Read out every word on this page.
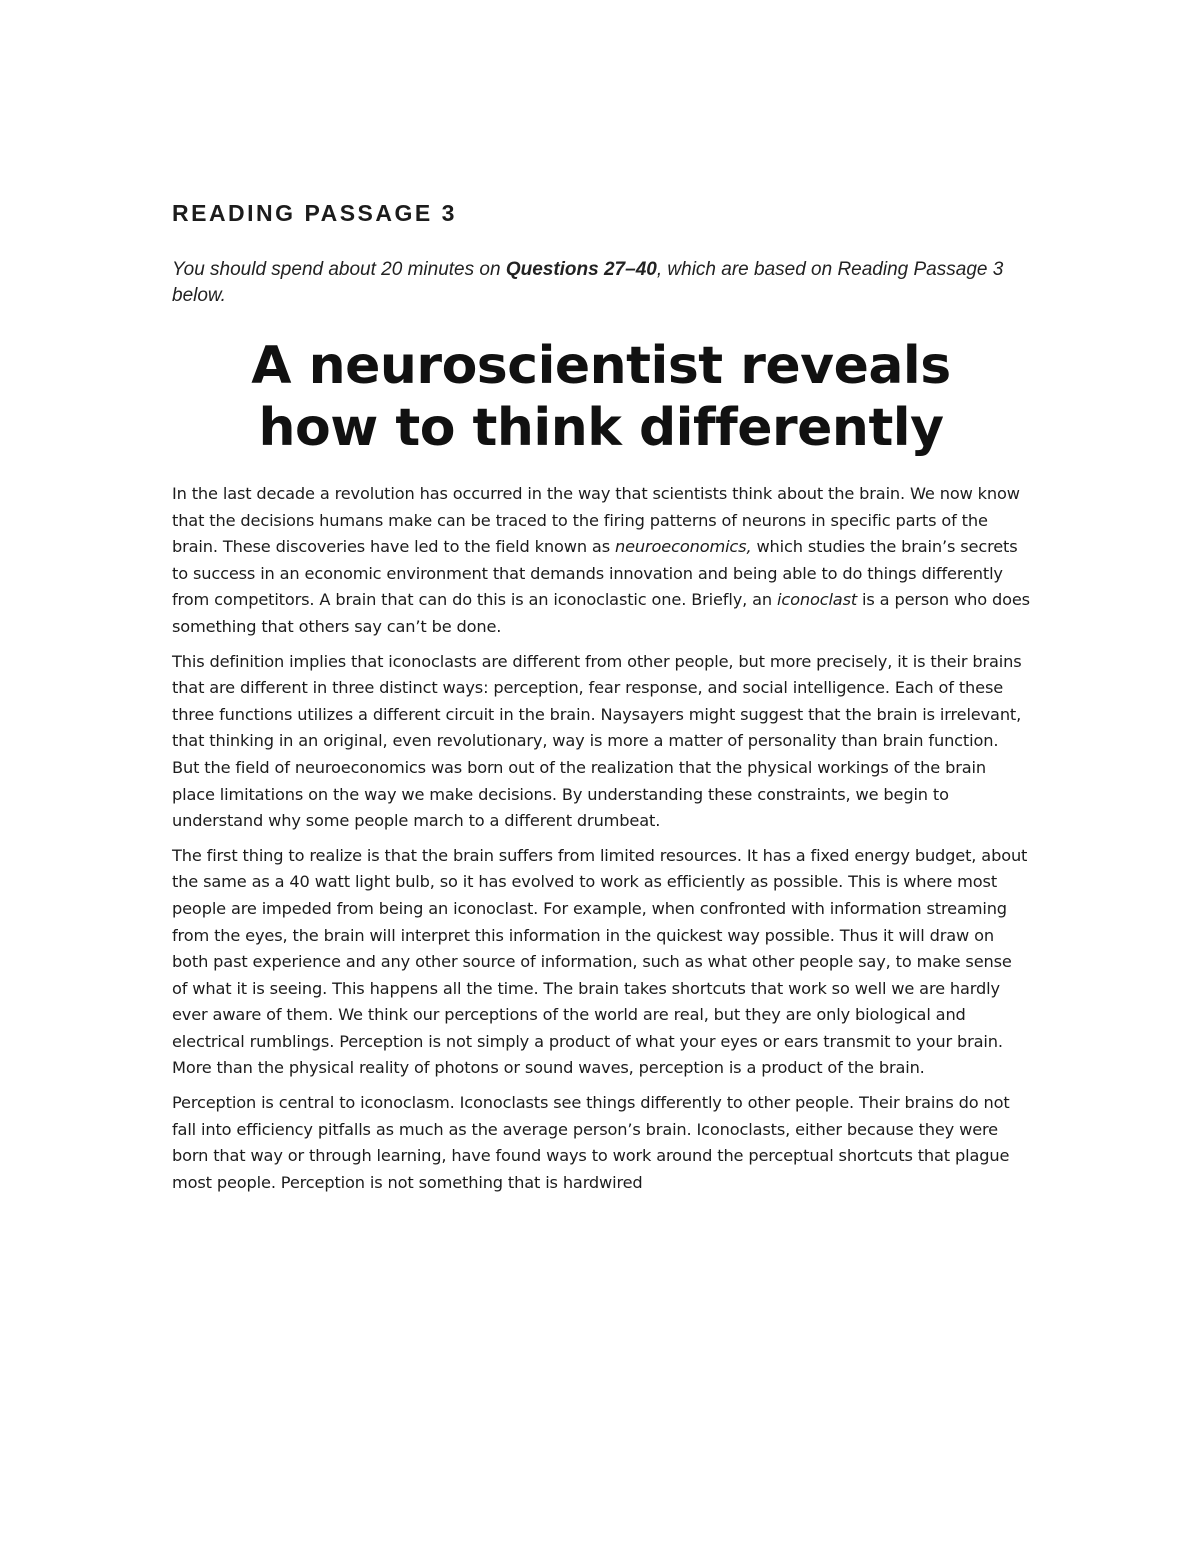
READING PASSAGE 3

You should spend about 20 minutes on Questions 27–40, which are based on Reading Passage 3 below.

A neuroscientist reveals
how to think differently

In the last decade a revolution has occurred in the way that scientists think about the brain. We now know that the decisions humans make can be traced to the firing patterns of neurons in specific parts of the brain. These discoveries have led to the field known as neuroeconomics, which studies the brain’s secrets to success in an economic environment that demands innovation and being able to do things differently from competitors. A brain that can do this is an iconoclastic one. Briefly, an iconoclast is a person who does something that others say can’t be done.

This definition implies that iconoclasts are different from other people, but more precisely, it is their brains that are different in three distinct ways: perception, fear response, and social intelligence. Each of these three functions utilizes a different circuit in the brain. Naysayers might suggest that the brain is irrelevant, that thinking in an original, even revolutionary, way is more a matter of personality than brain function. But the field of neuroeconomics was born out of the realization that the physical workings of the brain place limitations on the way we make decisions. By understanding these constraints, we begin to understand why some people march to a different drumbeat.

The first thing to realize is that the brain suffers from limited resources. It has a fixed energy budget, about the same as a 40 watt light bulb, so it has evolved to work as efficiently as possible. This is where most people are impeded from being an iconoclast. For example, when confronted with information streaming from the eyes, the brain will interpret this information in the quickest way possible. Thus it will draw on both past experience and any other source of information, such as what other people say, to make sense of what it is seeing. This happens all the time. The brain takes shortcuts that work so well we are hardly ever aware of them. We think our perceptions of the world are real, but they are only biological and electrical rumblings. Perception is not simply a product of what your eyes or ears transmit to your brain. More than the physical reality of photons or sound waves, perception is a product of the brain.

Perception is central to iconoclasm. Iconoclasts see things differently to other people. Their brains do not fall into efficiency pitfalls as much as the average person’s brain. Iconoclasts, either because they were born that way or through learning, have found ways to work around the perceptual shortcuts that plague most people. Perception is not something that is hardwired
